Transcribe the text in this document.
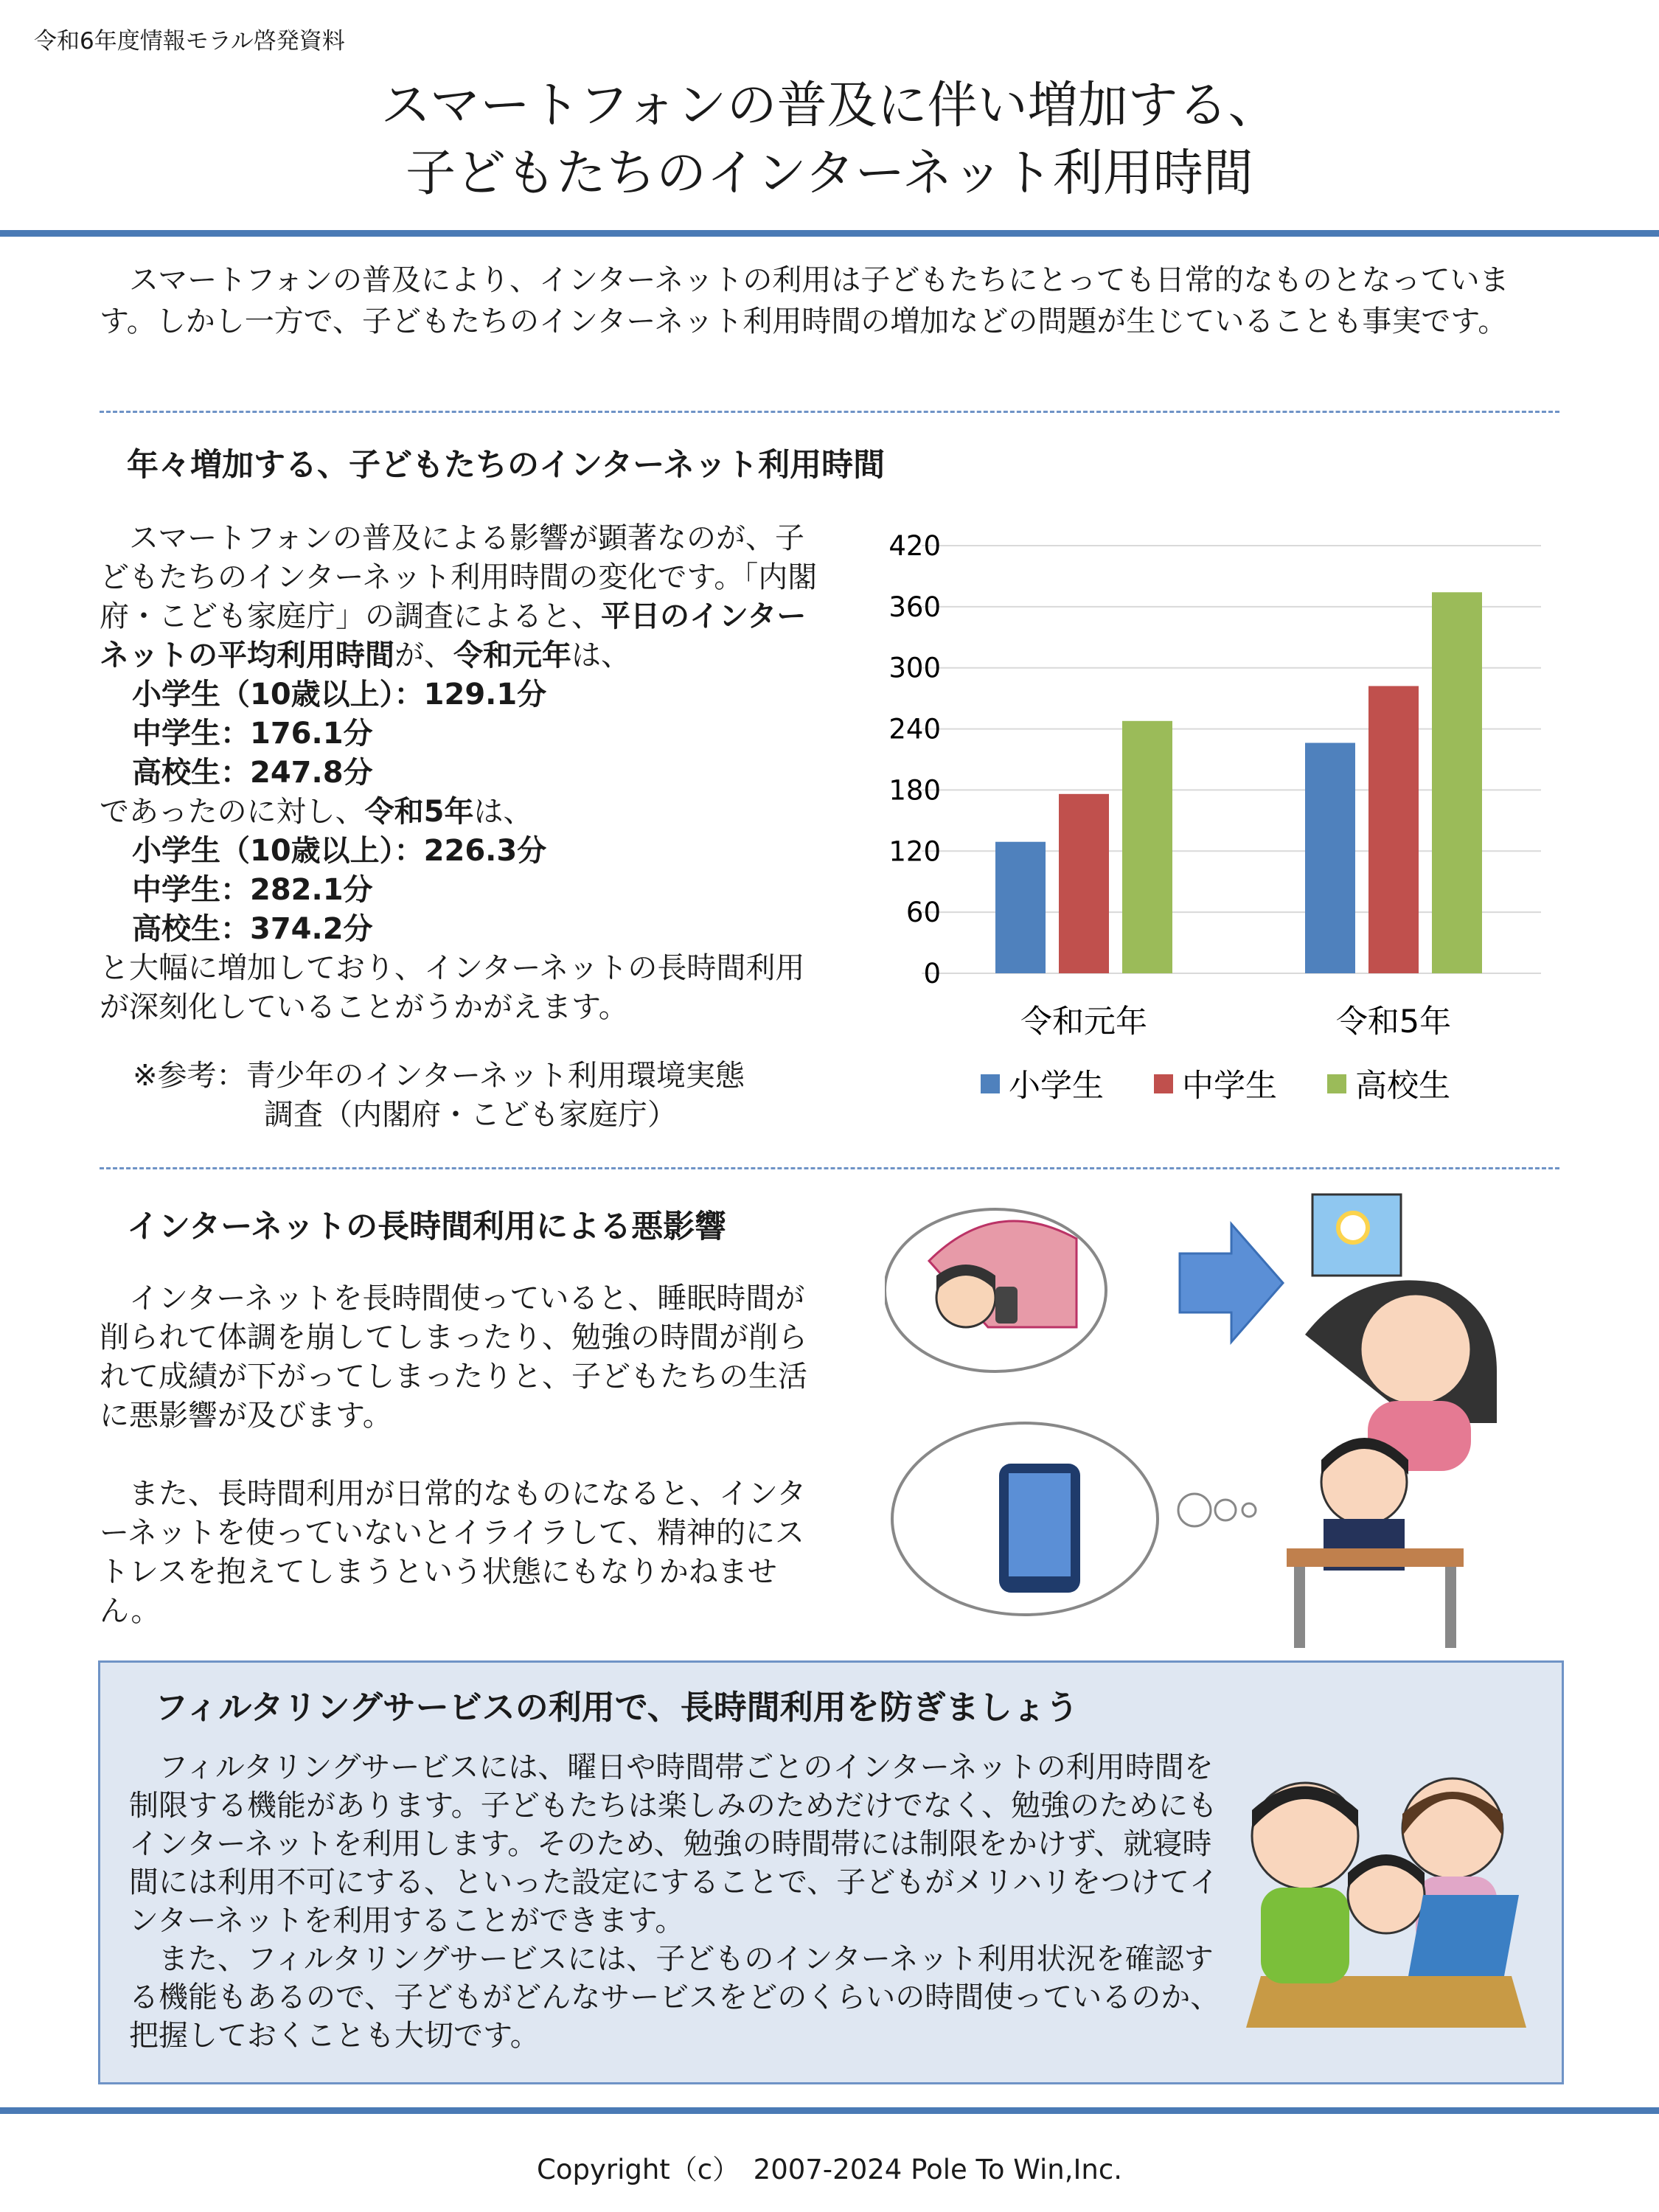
令和6年度情報モラル啓発資料
スマートフォンの普及に伴い増加する、
子どもたちのインターネット利用時間
スマートフォンの普及により、インターネットの利用は子どもたちにとっても日常的なものとなっています。しかし一方で、子どもたちのインターネット利用時間の増加などの問題が生じていることも事実です。
年々増加する、子どもたちのインターネット利用時間
スマートフォンの普及による影響が顕著なのが、子どもたちのインターネット利用時間の変化です。「内閣府・こども家庭庁」の調査によると、平日のインターネットの平均利用時間が、令和元年は、
小学生（10歳以上）：129.1分
中学生：176.1分
高校生：247.8分
であったのに対し、令和5年は、
小学生（10歳以上）：226.3分
中学生：282.1分
高校生：374.2分
と大幅に増加しており、インターネットの長時間利用が深刻化していることがうかがえます。
※参考：青少年のインターネット利用環境実態
調査（内閣府・こども家庭庁）
0
60
120
180
240
300
360
420
令和元年	令和5年
小学生 中学生 高校生
インターネットの長時間利用による悪影響
インターネットを長時間使っていると、睡眠時間が削られて体調を崩してしまったり、勉強の時間が削られて成績が下がってしまったりと、子どもたちの生活に悪影響が及びます。
また、長時間利用が日常的なものになると、インターネットを使っていないとイライラして、精神的にストレスを抱えてしまうという状態にもなりかねません。
フィルタリングサービスの利用で、長時間利用を防ぎましょう
フィルタリングサービスには、曜日や時間帯ごとのインターネットの利用時間を制限する機能があります。子どもたちは楽しみのためだけでなく、勉強のためにもインターネットを利用します。そのため、勉強の時間帯には制限をかけず、就寝時間には利用不可にする、といった設定にすることで、子どもがメリハリをつけてインターネットを利用することができます。
また、フィルタリングサービスには、子どものインターネット利用状況を確認する機能もあるので、子どもがどんなサービスをどのくらいの時間使っているのか、把握しておくことも大切です。
Copyright（c）　2007-2024 Pole To Win,Inc.
